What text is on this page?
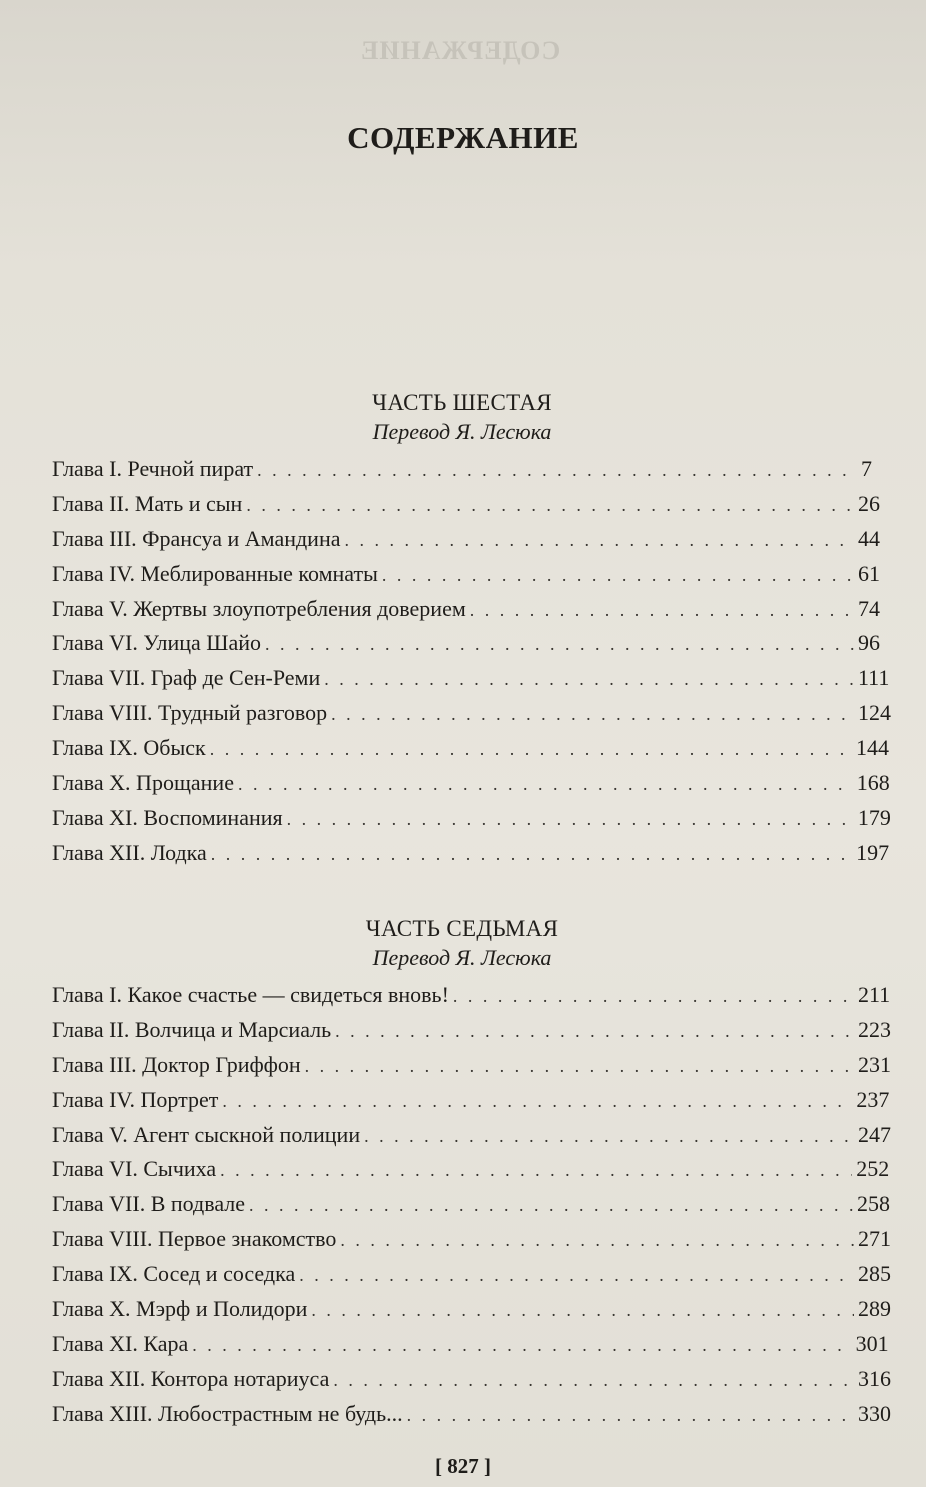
СОДЕРЖАНИЕ
СОДЕРЖАНИЕ
ЧАСТЬ ШЕСТАЯ
Перевод Я. Лесюка
Глава I. Речной пират . . .	7
Глава II. Мать и сын . . .	26
Глава III. Франсуа и Амандина . . .	44
Глава IV. Меблированные комнаты . . .	61
Глава V. Жертвы злоупотребления доверием . . .	74
Глава VI. Улица Шайо . . .	96
Глава VII. Граф де Сен-Реми . . .	111
Глава VIII. Трудный разговор . . .	124
Глава IX. Обыск . . .	144
Глава X. Прощание . . .	168
Глава XI. Воспоминания . . .	179
Глава XII. Лодка . . .	197
ЧАСТЬ СЕДЬМАЯ
Перевод Я. Лесюка
Глава I. Какое счастье — свидеться вновь! . . .	211
Глава II. Волчица и Марсиаль . . .	223
Глава III. Доктор Гриффон . . .	231
Глава IV. Портрет . . .	237
Глава V. Агент сыскной полиции . . .	247
Глава VI. Сычиха . . .	252
Глава VII. В подвале . . .	258
Глава VIII. Первое знакомство . . .	271
Глава IX. Сосед и соседка . . .	285
Глава X. Мэрф и Полидори . . .	289
Глава XI. Кара . . .	301
Глава XII. Контора нотариуса . . .	316
Глава XIII. Любострастным не будь... . . .	330
[ 827 ]
